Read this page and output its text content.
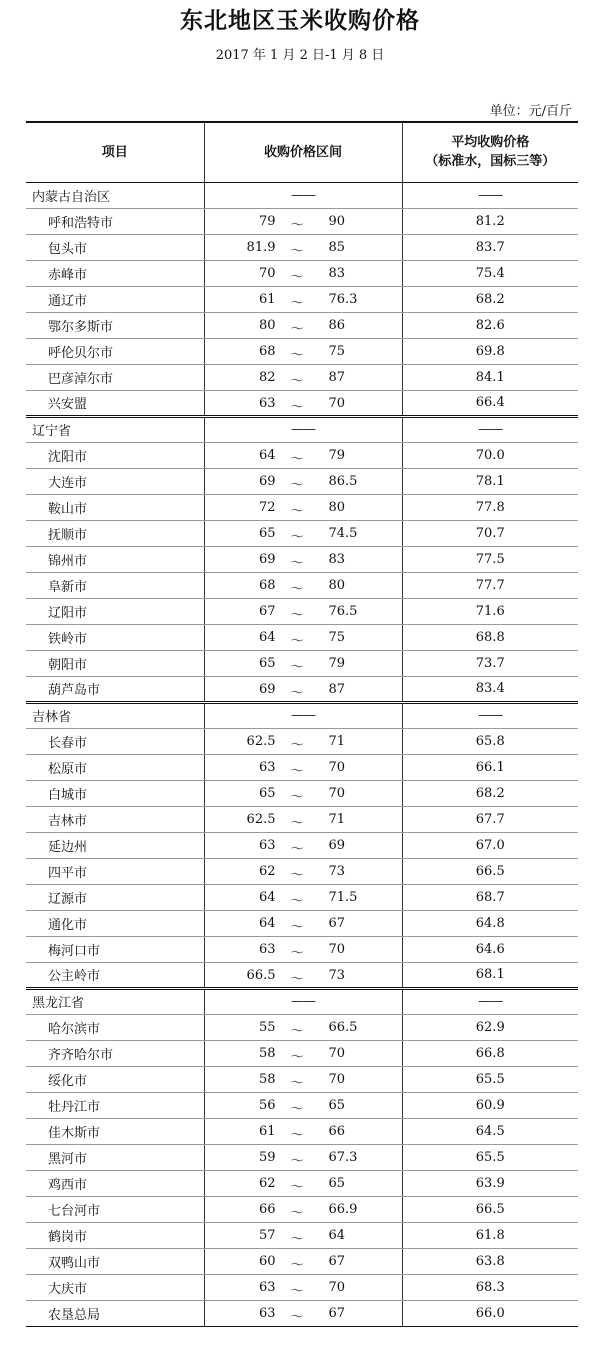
东北地区玉米收购价格
2017 年 1 月 2 日-1 月 8 日
单位：元/百斤
项目	收购价格区间	平均收购价格
（标准水，国标三等）

内蒙古自治区	——	——
呼和浩特市	79 ～ 90	81.2
包头市	81.9 ～ 85	83.7
赤峰市	70 ～ 83	75.4
通辽市	61 ～ 76.3	68.2
鄂尔多斯市	80 ～ 86	82.6
呼伦贝尔市	68 ～ 75	69.8
巴彦淖尔市	82 ～ 87	84.1
兴安盟	63 ～ 70	66.4
辽宁省	——	——
沈阳市	64 ～ 79	70.0
大连市	69 ～ 86.5	78.1
鞍山市	72 ～ 80	77.8
抚顺市	65 ～ 74.5	70.7
锦州市	69 ～ 83	77.5
阜新市	68 ～ 80	77.7
辽阳市	67 ～ 76.5	71.6
铁岭市	64 ～ 75	68.8
朝阳市	65 ～ 79	73.7
葫芦岛市	69 ～ 87	83.4
吉林省	——	——
长春市	62.5 ～ 71	65.8
松原市	63 ～ 70	66.1
白城市	65 ～ 70	68.2
吉林市	62.5 ～ 71	67.7
延边州	63 ～ 69	67.0
四平市	62 ～ 73	66.5
辽源市	64 ～ 71.5	68.7
通化市	64 ～ 67	64.8
梅河口市	63 ～ 70	64.6
公主岭市	66.5 ～ 73	68.1
黑龙江省	——	——
哈尔滨市	55 ～ 66.5	62.9
齐齐哈尔市	58 ～ 70	66.8
绥化市	58 ～ 70	65.5
牡丹江市	56 ～ 65	60.9
佳木斯市	61 ～ 66	64.5
黑河市	59 ～ 67.3	65.5
鸡西市	62 ～ 65	63.9
七台河市	66 ～ 66.9	66.5
鹤岗市	57 ～ 64	61.8
双鸭山市	60 ～ 67	63.8
大庆市	63 ～ 70	68.3
农垦总局	63 ～ 67	66.0
